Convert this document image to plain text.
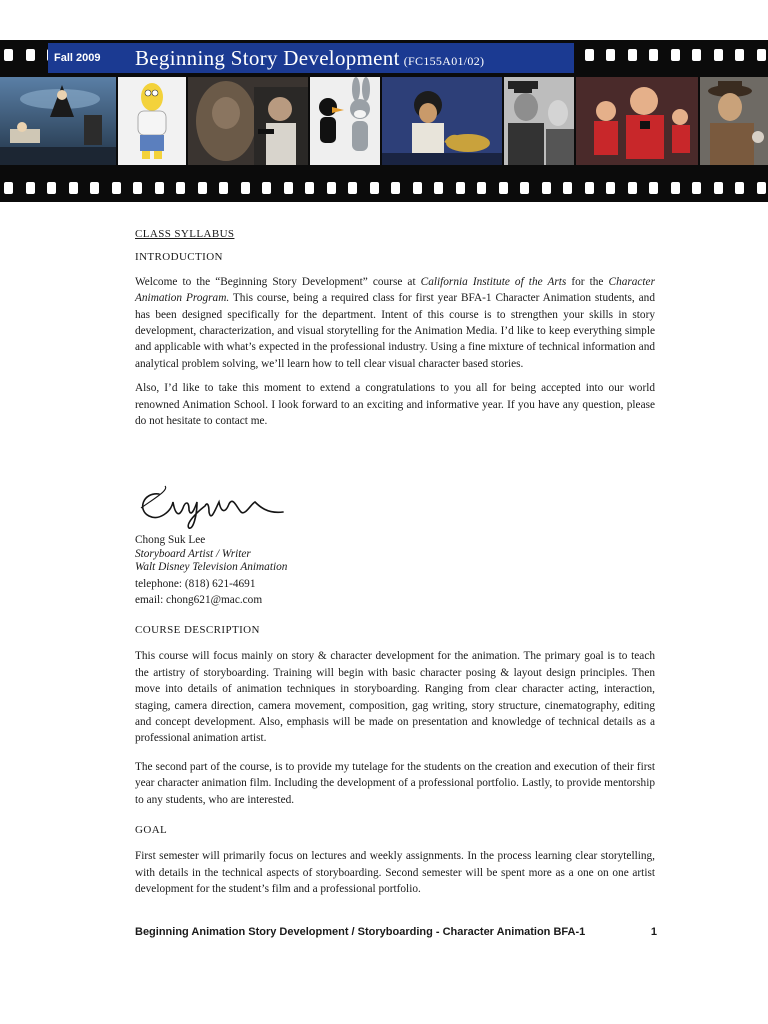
Fall 2009	Beginning Story Development (FC155A01/02)

CLASS SYLLABUS

INTRODUCTION

Welcome to the “Beginning Story Development” course at California Institute of the Arts for the Character Animation Program. This course, being a required class for first year BFA-1 Character Animation students, and has been designed specifically for the department. Intent of this course is to strengthen your skills in story development, characterization, and visual storytelling for the Animation Media. I’d like to keep everything simple and applicable with what’s expected in the professional industry. Using a fine mixture of technical information and analytical problem solving, we’ll learn how to tell clear visual character based stories.

Also, I’d like to take this moment to extend a congratulations to you all for being accepted into our world renowned Animation School. I look forward to an exciting and informative year. If you have any question, please do not hesitate to contact me.

Chong Suk Lee

Storyboard Artist / Writer

Walt Disney Television Animation

telephone: (818) 621-4691

email: chong621@mac.com

COURSE DESCRIPTION

This course will focus mainly on story & character development for the animation. The primary goal is to teach the artistry of storyboarding. Training will begin with basic character posing & layout design principles. Then move into details of animation techniques in storyboarding. Ranging from clear character acting, interaction, staging, camera direction, camera movement, composition, gag writing, story structure, cinematography, editing and concept development. Also, emphasis will be made on presentation and knowledge of technical details as a professional animation artist.

The second part of the course, is to provide my tutelage for the students on the creation and execution of their first year character animation film. Including the development of a professional portfolio. Lastly, to provide mentorship to any students, who are interested.

GOAL

First semester will primarily focus on lectures and weekly assignments. In the process learning clear storytelling, with details in the technical aspects of storyboarding. Second semester will be spent more as a one on one artist development for the student’s film and a professional portfolio.

Beginning Animation Story Development / Storyboarding - Character Animation BFA-1	1
